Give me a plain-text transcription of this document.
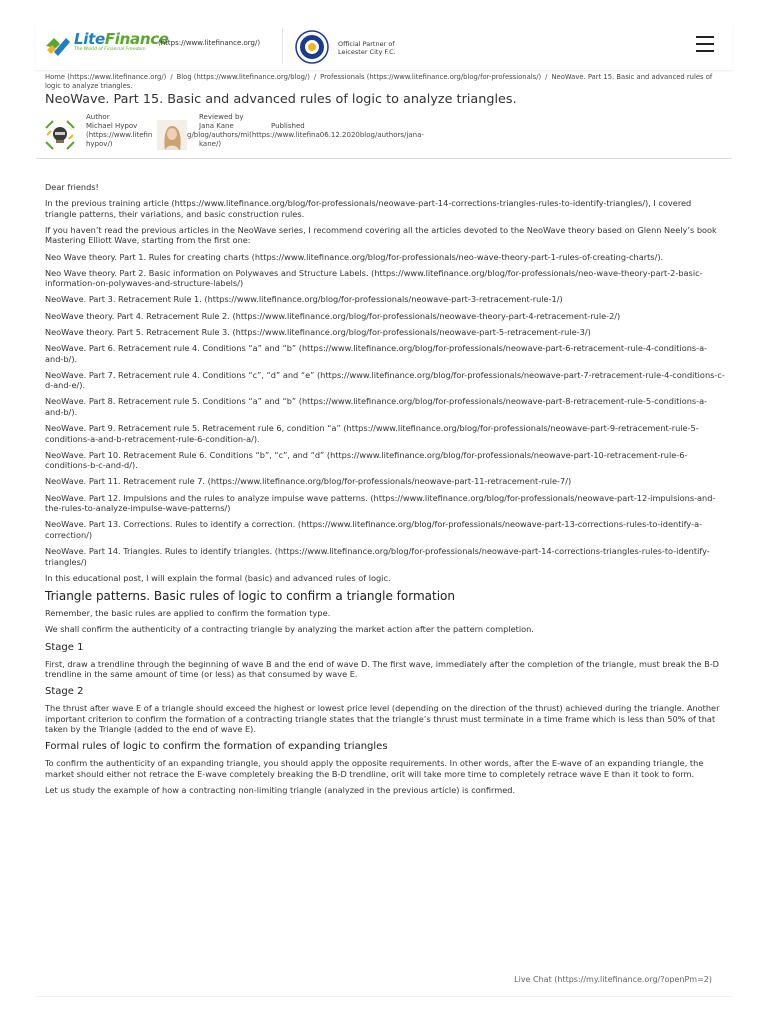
LiteFinance
The World of Financial Freedom
(https://www.litefinance.org/)	Official Partner of
Leicester City F.C.
Home (https://www.litefinance.org/) / Blog (https://www.litefinance.org/blog/) / Professionals (https://www.litefinance.org/blog/for-professionals/) / NeoWave. Part 15. Basic and advanced rules of logic to analyze triangles.
NeoWave. Part 15. Basic and advanced rules of logic to analyze triangles.
Author
Michael Hypov
(https://www.litefin
hypov/)
Reviewed by
Jana Kane	Published
g/blog/authors/mi(https://www.litefina06.12.2020blog/authors/jana-
kane/)

Dear friends!

In the previous training article (https://www.litefinance.org/blog/for-professionals/neowave-part-14-corrections-triangles-rules-to-identify-triangles/), I covered triangle patterns, their variations, and basic construction rules.

If you haven’t read the previous articles in the NeoWave series, I recommend covering all the articles devoted to the NeoWave theory based on Glenn Neely’s book Mastering Elliott Wave, starting from the first one:

Neo Wave theory. Part 1. Rules for creating charts (https://www.litefinance.org/blog/for-professionals/neo-wave-theory-part-1-rules-of-creating-charts/).

Neo Wave theory. Part 2. Basic information on Polywaves and Structure Labels. (https://www.litefinance.org/blog/for-professionals/neo-wave-theory-part-2-basic-information-on-polywaves-and-structure-labels/)

NeoWave. Part 3. Retracement Rule 1. (https://www.litefinance.org/blog/for-professionals/neowave-part-3-retracement-rule-1/)

NeoWave theory. Part 4. Retracement Rule 2. (https://www.litefinance.org/blog/for-professionals/neowave-theory-part-4-retracement-rule-2/)

NeoWave theory. Part 5. Retracement Rule 3. (https://www.litefinance.org/blog/for-professionals/neowave-part-5-retracement-rule-3/)

NeoWave. Part 6. Retracement rule 4. Conditions “a” and “b” (https://www.litefinance.org/blog/for-professionals/neowave-part-6-retracement-rule-4-conditions-a-and-b/).

NeoWave. Part 7. Retracement rule 4. Conditions “c”, “d” and “e” (https://www.litefinance.org/blog/for-professionals/neowave-part-7-retracement-rule-4-conditions-c-d-and-e/).

NeoWave. Part 8. Retracement rule 5. Conditions “a” and “b” (https://www.litefinance.org/blog/for-professionals/neowave-part-8-retracement-rule-5-conditions-a-and-b/).

NeoWave. Part 9. Retracement rule 5. Retracement rule 6, condition “a” (https://www.litefinance.org/blog/for-professionals/neowave-part-9-retracement-rule-5-conditions-a-and-b-retracement-rule-6-condition-a/).

NeoWave. Part 10. Retracement Rule 6. Conditions “b”, “c”, and “d” (https://www.litefinance.org/blog/for-professionals/neowave-part-10-retracement-rule-6-conditions-b-c-and-d/).

NeoWave. Part 11. Retracement rule 7. (https://www.litefinance.org/blog/for-professionals/neowave-part-11-retracement-rule-7/)

NeoWave. Part 12. Impulsions and the rules to analyze impulse wave patterns. (https://www.litefinance.org/blog/for-professionals/neowave-part-12-impulsions-and-the-rules-to-analyze-impulse-wave-patterns/)

NeoWave. Part 13. Corrections. Rules to identify a correction. (https://www.litefinance.org/blog/for-professionals/neowave-part-13-corrections-rules-to-identify-a-correction/)

NeoWave. Part 14. Triangles. Rules to identify triangles. (https://www.litefinance.org/blog/for-professionals/neowave-part-14-corrections-triangles-rules-to-identify-triangles/)

In this educational post, I will explain the formal (basic) and advanced rules of logic.

Triangle patterns. Basic rules of logic to confirm a triangle formation

Remember, the basic rules are applied to confirm the formation type.

We shall confirm the authenticity of a contracting triangle by analyzing the market action after the pattern completion.

Stage 1

First, draw a trendline through the beginning of wave B and the end of wave D. The first wave, immediately after the completion of the triangle, must break the B-D trendline in the same amount of time (or less) as that consumed by wave E.

Stage 2

The thrust after wave E of a triangle should exceed the highest or lowest price level (depending on the direction of the thrust) achieved during the triangle. Another important criterion to confirm the formation of a contracting triangle states that the triangle’s thrust must terminate in a time frame which is less than 50% of that taken by the Triangle (added to the end of wave E).

Formal rules of logic to confirm the formation of expanding triangles

To confirm the authenticity of an expanding triangle, you should apply the opposite requirements. In other words, after the E-wave of an expanding triangle, the market should either not retrace the E-wave completely breaking the B-D trendline, orit will take more time to completely retrace wave E than it took to form.

Let us study the example of how a contracting non-limiting triangle (analyzed in the previous article) is confirmed.

Live Chat (https://my.litefinance.org/?openPm=2)
